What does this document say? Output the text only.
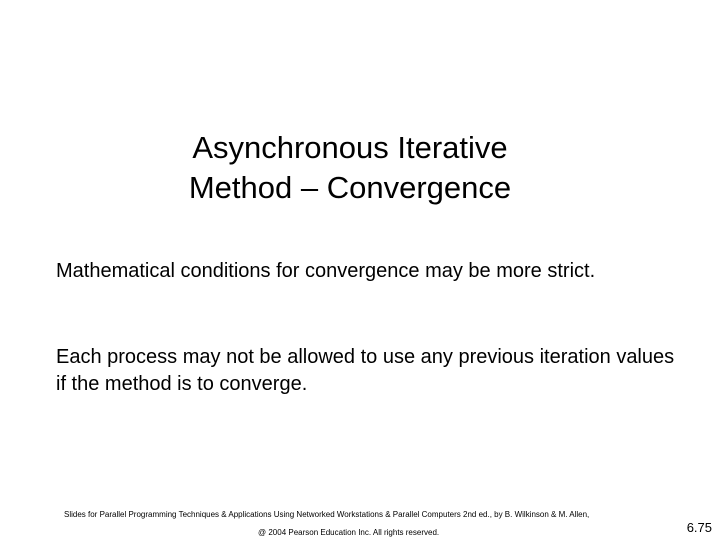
Asynchronous Iterative
Method – Convergence

Mathematical conditions for convergence may be more strict.

Each process may not be allowed to use any previous iteration values if the method is to converge.

Slides for Parallel Programming Techniques & Applications Using Networked Workstations & Parallel Computers 2nd ed., by B. Wilkinson & M. Allen,
@ 2004 Pearson Education Inc. All rights reserved.	6.75
